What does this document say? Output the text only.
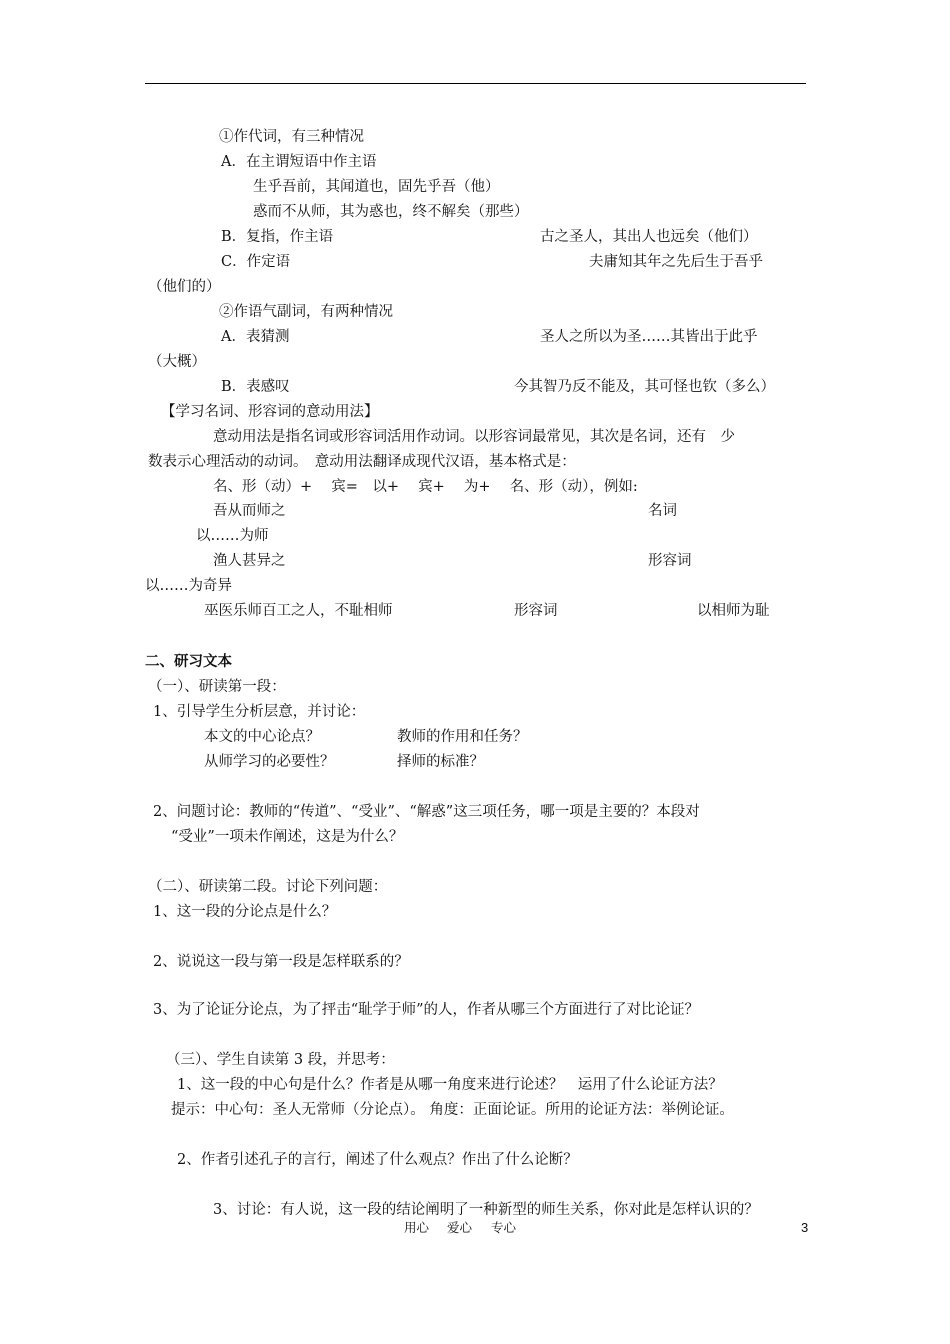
①作代词，有三种情况
A．在主谓短语中作主语
生乎吾前，其闻道也，固先乎吾（他）
惑而不从师，其为惑也，终不解矣（那些）
B．复指，作主语	古之圣人，其出人也远矣（他们）
C．作定语	夫庸知其年之先后生于吾乎
（他们的）
②作语气副词，有两种情况
A．表猜测	圣人之所以为圣……其皆出于此乎
（大概）
B．表感叹	今其智乃反不能及，其可怪也钦（多么）
【学习名词、形容词的意动用法】
意动用法是指名词或形容词活用作动词。以形容词最常见，其次是名词，还有　少
数表示心理活动的动词。　意动用法翻译成现代汉语，基本格式是：
名、形（动）+　 宾=　以+　 宾+　 为+　 名、形（动），例如:
吾从而师之	名词
以……为师
渔人甚异之	形容词
以……为奇异
巫医乐师百工之人，不耻相师	形容词	以相师为耻
二、研习文本
（一）、研读第一段：
1、引导学生分析层意，并讨论：
本文的中心论点？	教师的作用和任务？
从师学习的必要性？	择师的标准？
2、问题讨论：教师的“传道”、“受业”、“解惑”这三项任务，哪一项是主要的？本段对
“受业”一项未作阐述，这是为什么？
（二）、研读第二段。讨论下列问题：
1、这一段的分论点是什么？
2、说说这一段与第一段是怎样联系的？
3、为了论证分论点，为了抨击“耻学于师”的人，作者从哪三个方面进行了对比论证？
（三）、学生自读第 3 段，并思考：
1、这一段的中心句是什么？作者是从哪一角度来进行论述？　运用了什么论证方法？
提示：中心句：圣人无常师（分论点）。 角度：正面论证。所用的论证方法：举例论证。
2、作者引述孔子的言行，阐述了什么观点？作出了什么论断？
3、讨论：有人说，这一段的结论阐明了一种新型的师生关系，你对此是怎样认识的？
用心 爱心 专心	3
